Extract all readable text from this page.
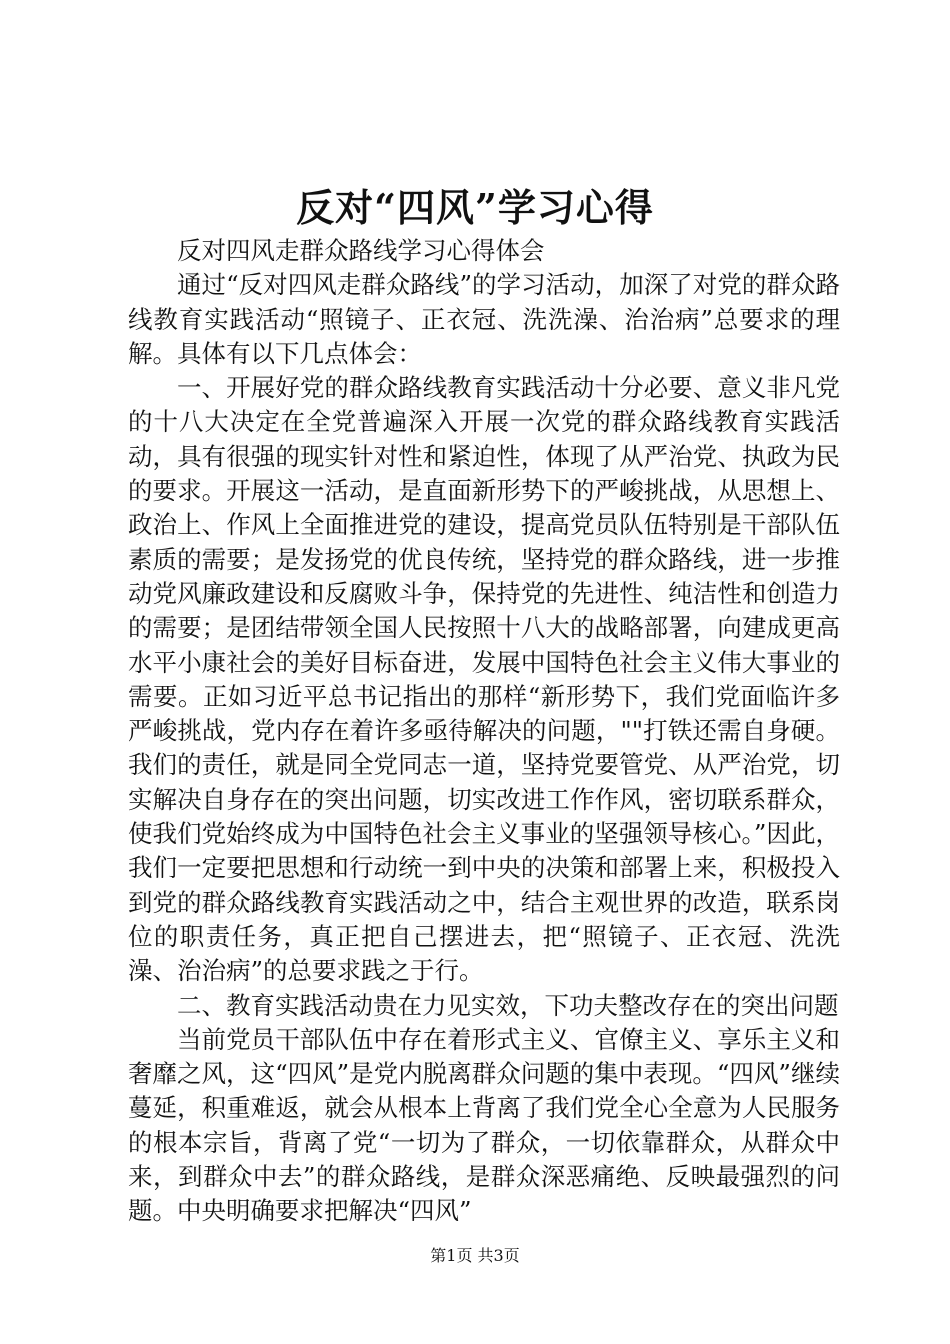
反对“四风”学习心得

反对四风走群众路线学习心得体会

通过“反对四风走群众路线”的学习活动，加深了对党的群众路线教育实践活动“照镜子、正衣冠、洗洗澡、治治病”总要求的理解。具体有以下几点体会：

一、开展好党的群众路线教育实践活动十分必要、意义非凡党的十八大决定在全党普遍深入开展一次党的群众路线教育实践活动，具有很强的现实针对性和紧迫性，体现了从严治党、执政为民的要求。开展这一活动，是直面新形势下的严峻挑战，从思想上、政治上、作风上全面推进党的建设，提高党员队伍特别是干部队伍素质的需要；是发扬党的优良传统，坚持党的群众路线，进一步推动党风廉政建设和反腐败斗争，保持党的先进性、纯洁性和创造力的需要；是团结带领全国人民按照十八大的战略部署，向建成更高水平小康社会的美好目标奋进，发展中国特色社会主义伟大事业的需要。正如习近平总书记指出的那样“新形势下，我们党面临许多严峻挑战，党内存在着许多亟待解决的问题，""打铁还需自身硬。我们的责任，就是同全党同志一道，坚持党要管党、从严治党，切实解决自身存在的突出问题，切实改进工作作风，密切联系群众，使我们党始终成为中国特色社会主义事业的坚强领导核心。”因此，我们一定要把思想和行动统一到中央的决策和部署上来，积极投入到党的群众路线教育实践活动之中，结合主观世界的改造，联系岗位的职责任务，真正把自己摆进去，把“照镜子、正衣冠、洗洗澡、治治病”的总要求践之于行。

二、教育实践活动贵在力见实效，下功夫整改存在的突出问题

当前党员干部队伍中存在着形式主义、官僚主义、享乐主义和奢靡之风，这“四风”是党内脱离群众问题的集中表现。“四风”继续蔓延，积重难返，就会从根本上背离了我们党全心全意为人民服务的根本宗旨，背离了党“一切为了群众，一切依靠群众，从群众中来，到群众中去”的群众路线，是群众深恶痛绝、反映最强烈的问题。中央明确要求把解决“四风”

第1页 共3页
